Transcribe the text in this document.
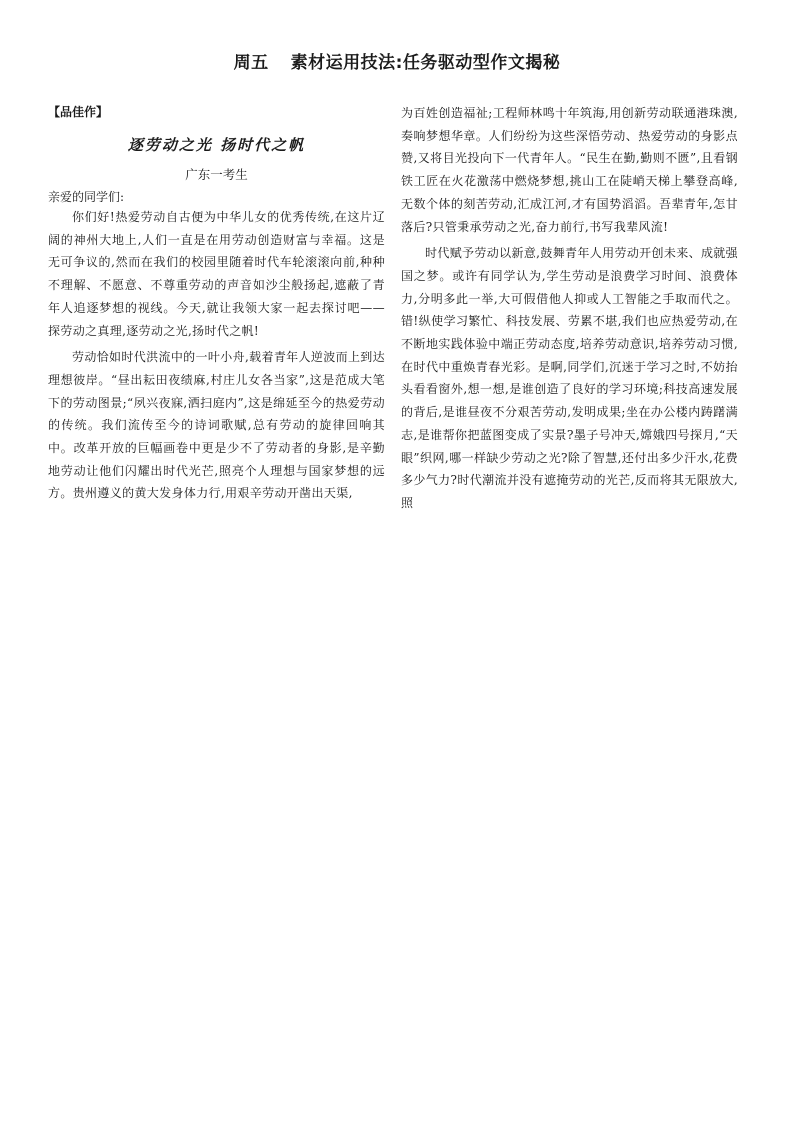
周五 素材运用技法:任务驱动型作文揭秘
【品佳作】
逐劳动之光 扬时代之帆
广东一考生
亲爱的同学们:

你们好!热爱劳动自古便为中华儿女的优秀传统,在这片辽阔的神州大地上,人们一直是在用劳动创造财富与幸福。这是无可争议的,然而在我们的校园里随着时代车轮滚滚向前,种种不理解、不愿意、不尊重劳动的声音如沙尘般扬起,遮蔽了青年人追逐梦想的视线。今天,就让我领大家一起去探讨吧——探劳动之真理,逐劳动之光,扬时代之帆!

劳动恰如时代洪流中的一叶小舟,载着青年人逆波而上到达理想彼岸。“昼出耘田夜绩麻,村庄儿女各当家”,这是范成大笔下的劳动图景;“夙兴夜寐,洒扫庭内”,这是绵延至今的热爱劳动的传统。我们流传至今的诗词歌赋,总有劳动的旋律回响其中。改革开放的巨幅画卷中更是少不了劳动者的身影,是辛勤地劳动让他们闪耀出时代光芒,照亮个人理想与国家梦想的远方。贵州遵义的黄大发身体力行,用艰辛劳动开凿出天渠,

为百姓创造福祉;工程师林鸣十年筑海,用创新劳动联通港珠澳,奏响梦想华章。人们纷纷为这些深悟劳动、热爱劳动的身影点赞,又将目光投向下一代青年人。“民生在勤,勤则不匮”,且看钢铁工匠在火花激荡中燃烧梦想,挑山工在陡峭天梯上攀登高峰,无数个体的刻苦劳动,汇成江河,才有国势滔滔。吾辈青年,怎甘落后?只管秉承劳动之光,奋力前行,书写我辈风流!

时代赋予劳动以新意,鼓舞青年人用劳动开创未来、成就强国之梦。或许有同学认为,学生劳动是浪费学习时间、浪费体力,分明多此一举,大可假借他人抑或人工智能之手取而代之。错!纵使学习繁忙、科技发展、劳累不堪,我们也应热爱劳动,在不断地实践体验中端正劳动态度,培养劳动意识,培养劳动习惯,在时代中重焕青春光彩。是啊,同学们,沉迷于学习之时,不妨抬头看看窗外,想一想,是谁创造了良好的学习环境;科技高速发展的背后,是谁昼夜不分艰苦劳动,发明成果;坐在办公楼内踌躇满志,是谁帮你把蓝图变成了实景?墨子号冲天,嫦娥四号探月,“天眼”织网,哪一样缺少劳动之光?除了智慧,还付出多少汗水,花费多少气力?时代潮流并没有遮掩劳动的光芒,反而将其无限放大,照
